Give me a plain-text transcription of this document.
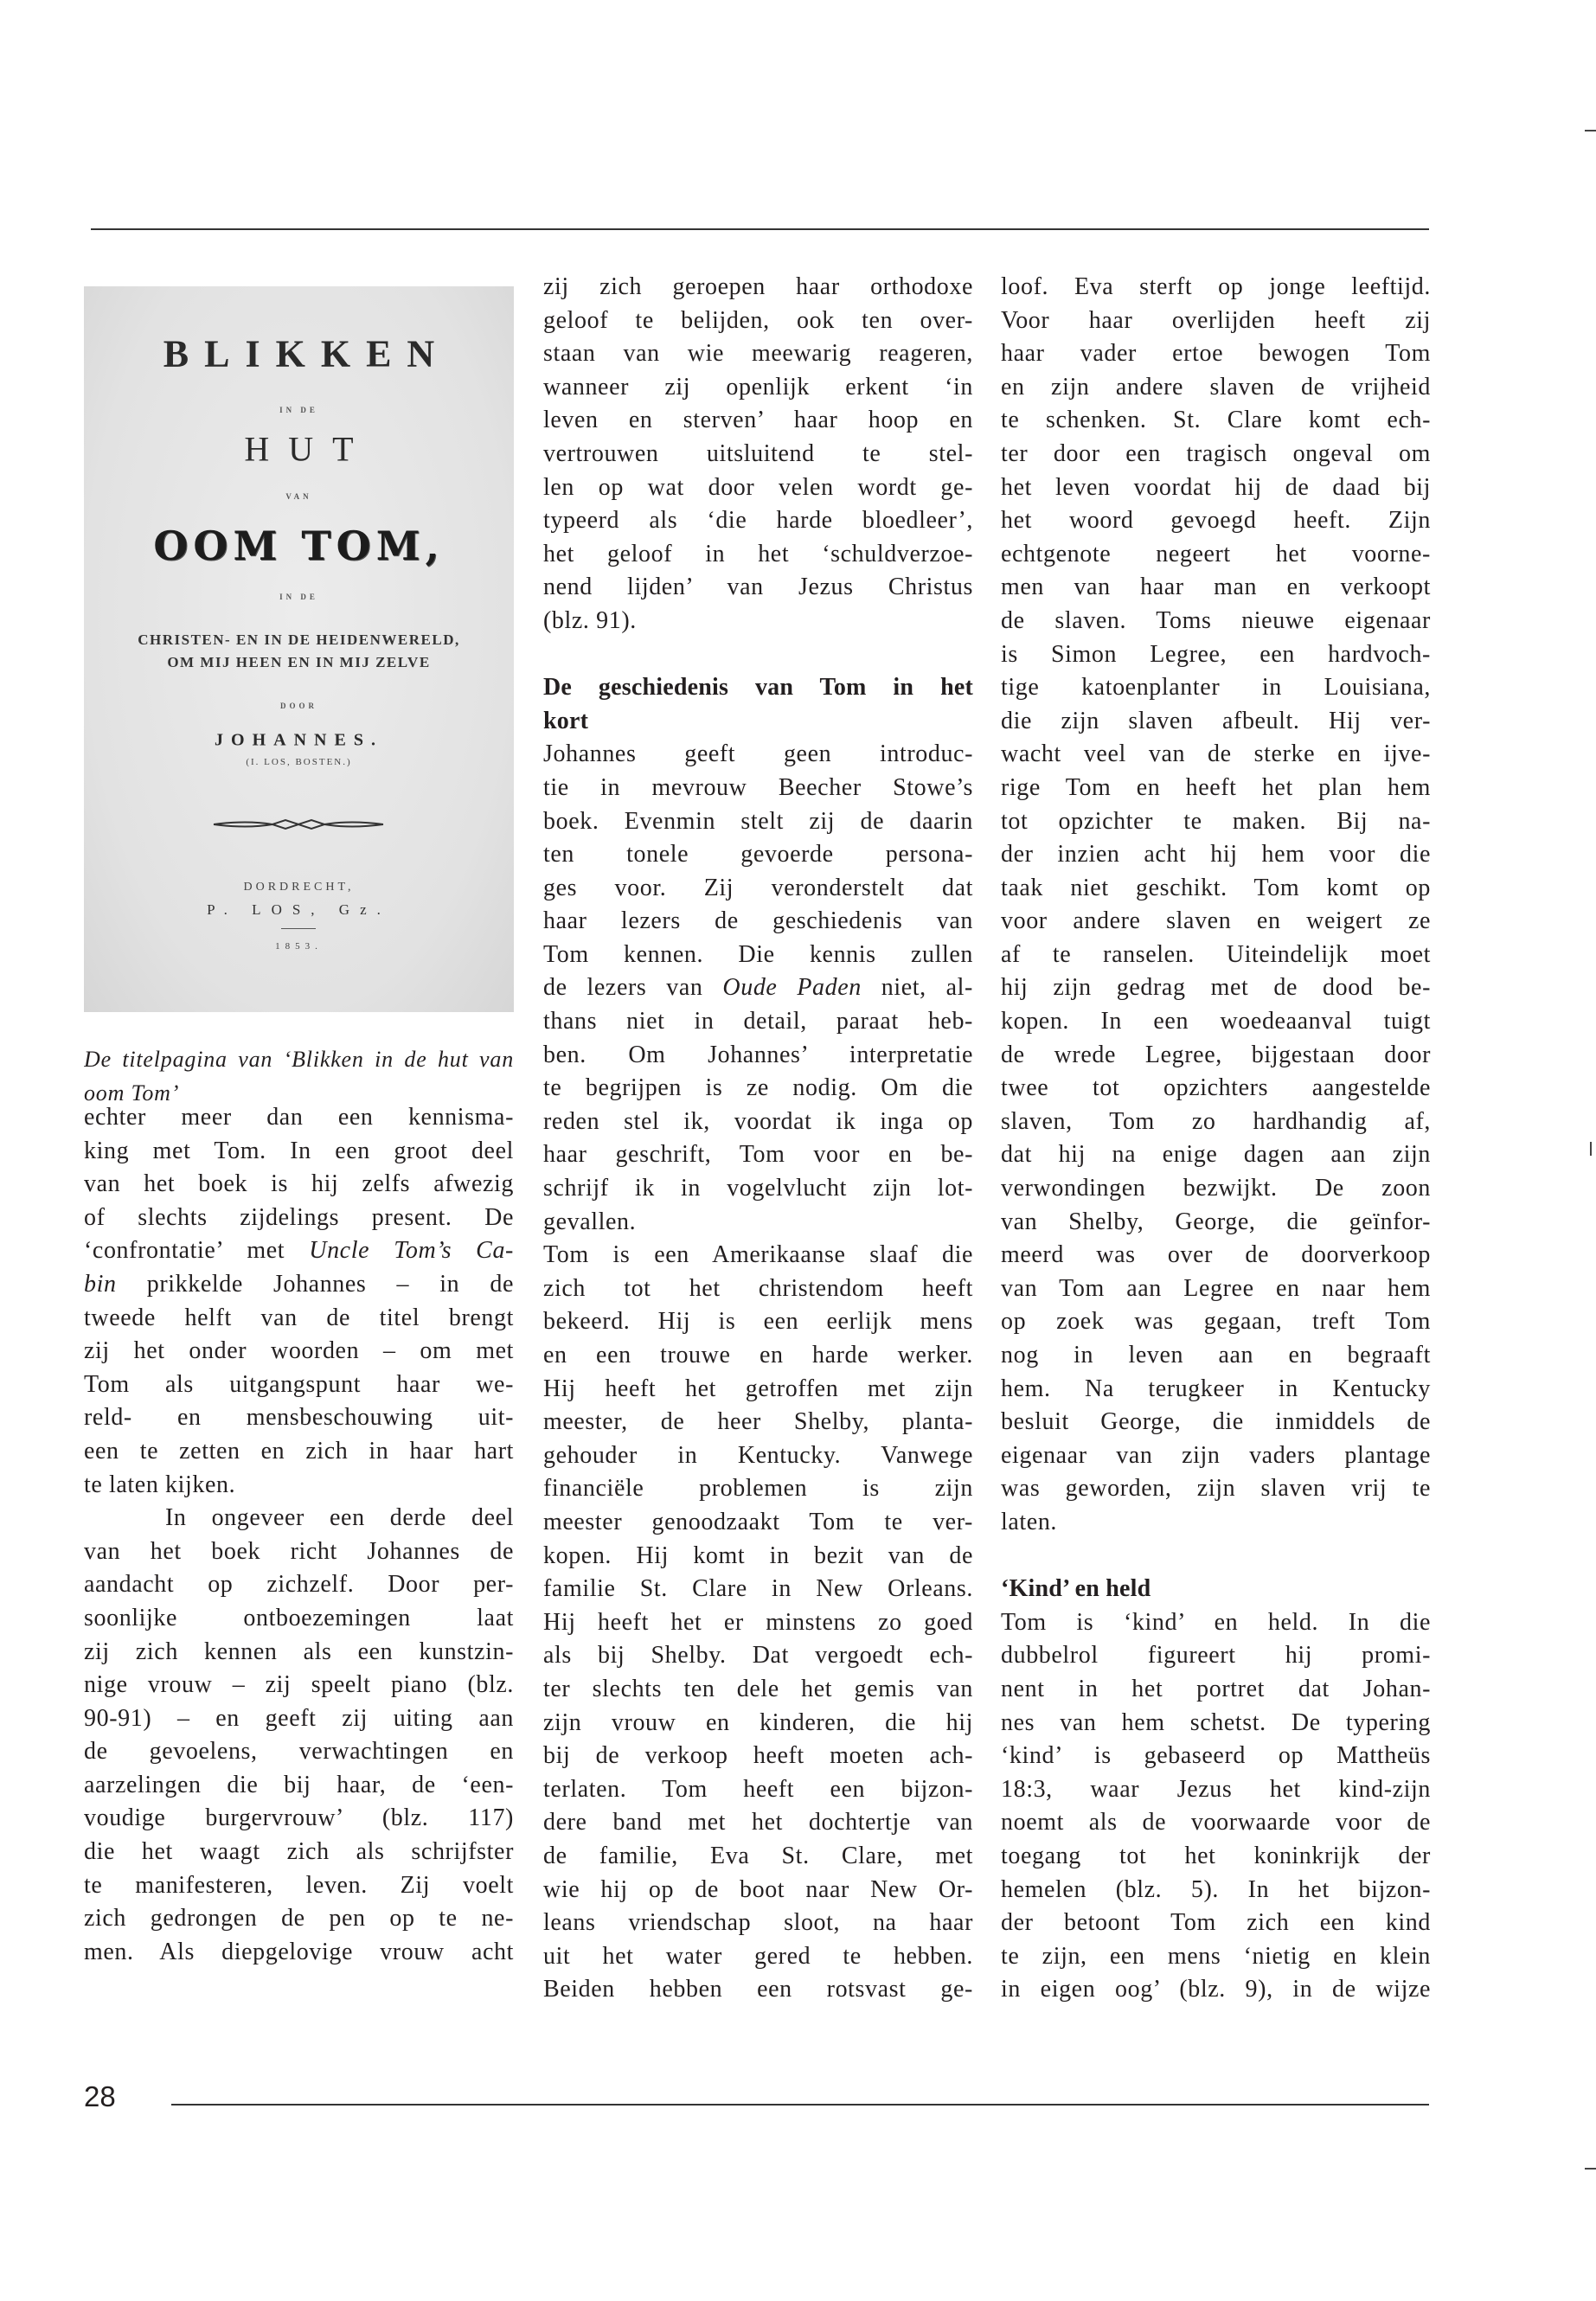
BLIKKEN
IN DE
HUT
VAN
OOM TOM,
IN DE
CHRISTEN- EN IN DE HEIDENWERELD,
OM MIJ HEEN EN IN MIJ ZELVE
DOOR
JOHANNES.
(I. LOS, BOSTEN.)
DORDRECHT,
P. LOS, Gz.
1853.
De titelpagina van ‘Blikken in de hut van
oom Tom’
echter meer dan een kennisma-
king met Tom. In een groot deel
van het boek is hij zelfs afwezig
of slechts zijdelings present. De
‘confrontatie’ met Uncle Tom’s Ca-
bin prikkelde Johannes – in de
tweede helft van de titel brengt
zij het onder woorden – om met
Tom als uitgangspunt haar we-
reld- en mensbeschouwing uit-
een te zetten en zich in haar hart
te laten kijken.
In ongeveer een derde deel
van het boek richt Johannes de
aandacht op zichzelf. Door per-
soonlijke ontboezemingen laat
zij zich kennen als een kunstzin-
nige vrouw – zij speelt piano (blz.
90-91) – en geeft zij uiting aan
de gevoelens, verwachtingen en
aarzelingen die bij haar, de ‘een-
voudige burgervrouw’ (blz. 117)
die het waagt zich als schrijfster
te manifesteren, leven. Zij voelt
zich gedrongen de pen op te ne-
men. Als diepgelovige vrouw acht
zij zich geroepen haar orthodoxe
geloof te belijden, ook ten over-
staan van wie meewarig reageren,
wanneer zij openlijk erkent ‘in
leven en sterven’ haar hoop en
vertrouwen uitsluitend te stel-
len op wat door velen wordt ge-
typeerd als ‘die harde bloedleer’,
het geloof in het ‘schuldverzoe-
nend lijden’ van Jezus Christus
(blz. 91).
De geschiedenis van Tom in het
kort
Johannes geeft geen introduc-
tie in mevrouw Beecher Stowe’s
boek. Evenmin stelt zij de daarin
ten tonele gevoerde persona-
ges voor. Zij veronderstelt dat
haar lezers de geschiedenis van
Tom kennen. Die kennis zullen
de lezers van Oude Paden niet, al-
thans niet in detail, paraat heb-
ben. Om Johannes’ interpretatie
te begrijpen is ze nodig. Om die
reden stel ik, voordat ik inga op
haar geschrift, Tom voor en be-
schrijf ik in vogelvlucht zijn lot-
gevallen.
Tom is een Amerikaanse slaaf die
zich tot het christendom heeft
bekeerd. Hij is een eerlijk mens
en een trouwe en harde werker.
Hij heeft het getroffen met zijn
meester, de heer Shelby, planta-
gehouder in Kentucky. Vanwege
financiële problemen is zijn
meester genoodzaakt Tom te ver-
kopen. Hij komt in bezit van de
familie St. Clare in New Orleans.
Hij heeft het er minstens zo goed
als bij Shelby. Dat vergoedt ech-
ter slechts ten dele het gemis van
zijn vrouw en kinderen, die hij
bij de verkoop heeft moeten ach-
terlaten. Tom heeft een bijzon-
dere band met het dochtertje van
de familie, Eva St. Clare, met
wie hij op de boot naar New Or-
leans vriendschap sloot, na haar
uit het water gered te hebben.
Beiden hebben een rotsvast ge-
loof. Eva sterft op jonge leeftijd.
Voor haar overlijden heeft zij
haar vader ertoe bewogen Tom
en zijn andere slaven de vrijheid
te schenken. St. Clare komt ech-
ter door een tragisch ongeval om
het leven voordat hij de daad bij
het woord gevoegd heeft. Zijn
echtgenote negeert het voorne-
men van haar man en verkoopt
de slaven. Toms nieuwe eigenaar
is Simon Legree, een hardvoch-
tige katoenplanter in Louisiana,
die zijn slaven afbeult. Hij ver-
wacht veel van de sterke en ijve-
rige Tom en heeft het plan hem
tot opzichter te maken. Bij na-
der inzien acht hij hem voor die
taak niet geschikt. Tom komt op
voor andere slaven en weigert ze
af te ranselen. Uiteindelijk moet
hij zijn gedrag met de dood be-
kopen. In een woedeaanval tuigt
de wrede Legree, bijgestaan door
twee tot opzichters aangestelde
slaven, Tom zo hardhandig af,
dat hij na enige dagen aan zijn
verwondingen bezwijkt. De zoon
van Shelby, George, die geïnfor-
meerd was over de doorverkoop
van Tom aan Legree en naar hem
op zoek was gegaan, treft Tom
nog in leven aan en begraaft
hem. Na terugkeer in Kentucky
besluit George, die inmiddels de
eigenaar van zijn vaders plantage
was geworden, zijn slaven vrij te
laten.
‘Kind’ en held
Tom is ‘kind’ en held. In die
dubbelrol figureert hij promi-
nent in het portret dat Johan-
nes van hem schetst. De typering
‘kind’ is gebaseerd op Mattheüs
18:3, waar Jezus het kind-zijn
noemt als de voorwaarde voor de
toegang tot het koninkrijk der
hemelen (blz. 5). In het bijzon-
der betoont Tom zich een kind
te zijn, een mens ‘nietig en klein
in eigen oog’ (blz. 9), in de wijze
28
